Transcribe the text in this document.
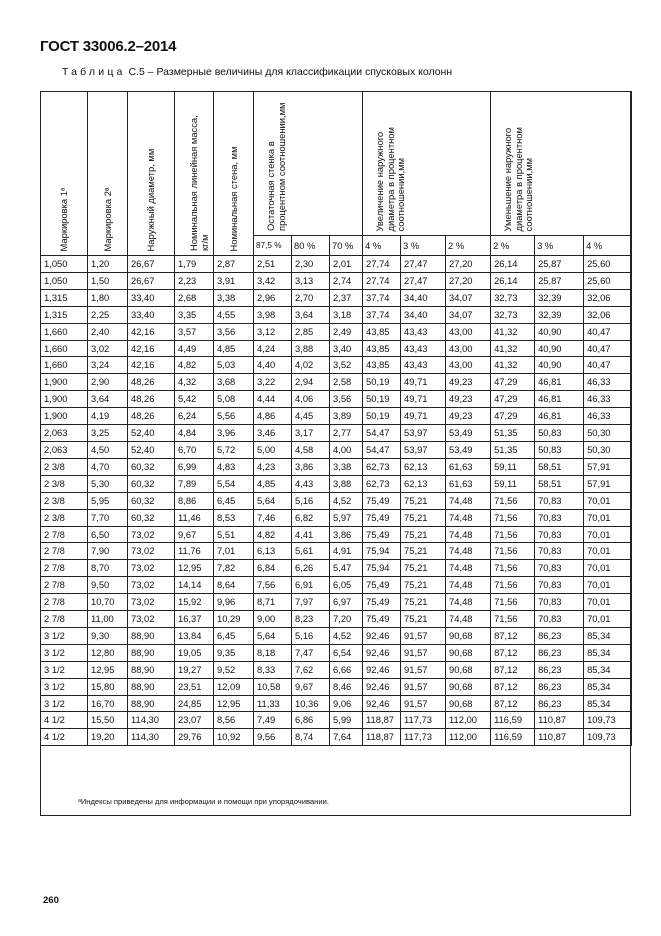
ГОСТ 33006.2–2014
Таблица С.5 – Размерные величины для классификации спусковых колонн
Маркировка 1ᵃ	Маркировка 2ᵃ	Наружный диаметр, мм	Номинальная линейная масса, кг/м	Номинальная стена, мм	Остаточная стенка в процентном соотношении,мм			Увеличение наружного диаметра в процентном соотношении,мм			Уменьшение наружного диаметра в процентном соотношении,мм		

					87,5 %	80 %	70 %	4 %	3 %	2 %	2 %	3 %	4 %
1,050	1,20	26,67	1,79	2,87	2,51	2,30	2,01	27,74	27,47	27,20	26,14	25,87	25,60
1,050	1,50	26,67	2,23	3,91	3,42	3,13	2,74	27,74	27,47	27,20	26,14	25,87	25,60
1,315	1,80	33,40	2,68	3,38	2,96	2,70	2,37	37,74	34,40	34,07	32,73	32,39	32,06
1,315	2,25	33,40	3,35	4,55	3,98	3,64	3,18	37,74	34,40	34,07	32,73	32,39	32,06
1,660	2,40	42,16	3,57	3,56	3,12	2,85	2,49	43,85	43,43	43,00	41,32	40,90	40,47
1,660	3,02	42,16	4,49	4,85	4,24	3,88	3,40	43,85	43,43	43,00	41,32	40,90	40,47
1,660	3,24	42,16	4,82	5,03	4,40	4,02	3,52	43,85	43,43	43,00	41,32	40,90	40,47
1,900	2,90	48,26	4,32	3,68	3,22	2,94	2,58	50,19	49,71	49,23	47,29	46,81	46,33
1,900	3,64	48,26	5,42	5,08	4,44	4,06	3,56	50,19	49,71	49,23	47,29	46,81	46,33
1,900	4,19	48,26	6,24	5,56	4,86	4,45	3,89	50,19	49,71	49,23	47,29	46,81	46,33
2,063	3,25	52,40	4,84	3,96	3,46	3,17	2,77	54,47	53,97	53,49	51,35	50,83	50,30
2,063	4,50	52,40	6,70	5,72	5,00	4,58	4,00	54,47	53,97	53,49	51,35	50,83	50,30
2 3/8	4,70	60,32	6,99	4,83	4,23	3,86	3,38	62,73	62,13	61,63	59,11	58,51	57,91
2 3/8	5,30	60,32	7,89	5,54	4,85	4,43	3,88	62,73	62,13	61,63	59,11	58,51	57,91
2 3/8	5,95	60,32	8,86	6,45	5,64	5,16	4,52	75,49	75,21	74,48	71,56	70,83	70,01
2 3/8	7,70	60,32	11,46	8,53	7,46	6,82	5,97	75,49	75,21	74,48	71,56	70,83	70,01
2 7/8	6,50	73,02	9,67	5,51	4,82	4,41	3,86	75,49	75,21	74,48	71,56	70,83	70,01
2 7/8	7,90	73,02	11,76	7,01	6,13	5,61	4,91	75,94	75,21	74,48	71,56	70,83	70,01
2 7/8	8,70	73,02	12,95	7,82	6,84	6,26	5,47	75,94	75,21	74,48	71,56	70,83	70,01
2 7/8	9,50	73,02	14,14	8,64	7,56	6,91	6,05	75,49	75,21	74,48	71,56	70,83	70,01
2 7/8	10,70	73,02	15,92	9,96	8,71	7,97	6,97	75,49	75,21	74,48	71,56	70,83	70,01
2 7/8	11,00	73,02	16,37	10,29	9,00	8,23	7,20	75,49	75,21	74,48	71,56	70,83	70,01
3 1/2	9,30	88,90	13,84	6,45	5,64	5,16	4,52	92,46	91,57	90,68	87,12	86,23	85,34
3 1/2	12,80	88,90	19,05	9,35	8,18	7,47	6,54	92,46	91,57	90,68	87,12	86,23	85,34
3 1/2	12,95	88,90	19,27	9,52	8,33	7,62	6,66	92,46	91,57	90,68	87,12	86,23	85,34
3 1/2	15,80	88,90	23,51	12,09	10,58	9,67	8,46	92,46	91,57	90,68	87,12	86,23	85,34
3 1/2	16,70	88,90	24,85	12,95	11,33	10,36	9,06	92,46	91,57	90,68	87,12	86,23	85,34
4 1/2	15,50	114,30	23,07	8,56	7,49	6,86	5,99	118,87	117,73	112,00	116,59	110,87	109,73
4 1/2	19,20	114,30	29,76	10,92	9,56	8,74	7,64	118,87	117,73	112,00	116,59	110,87	109,73
ᵃИндексы приведены для информации и помощи при упорядочивании.
260
